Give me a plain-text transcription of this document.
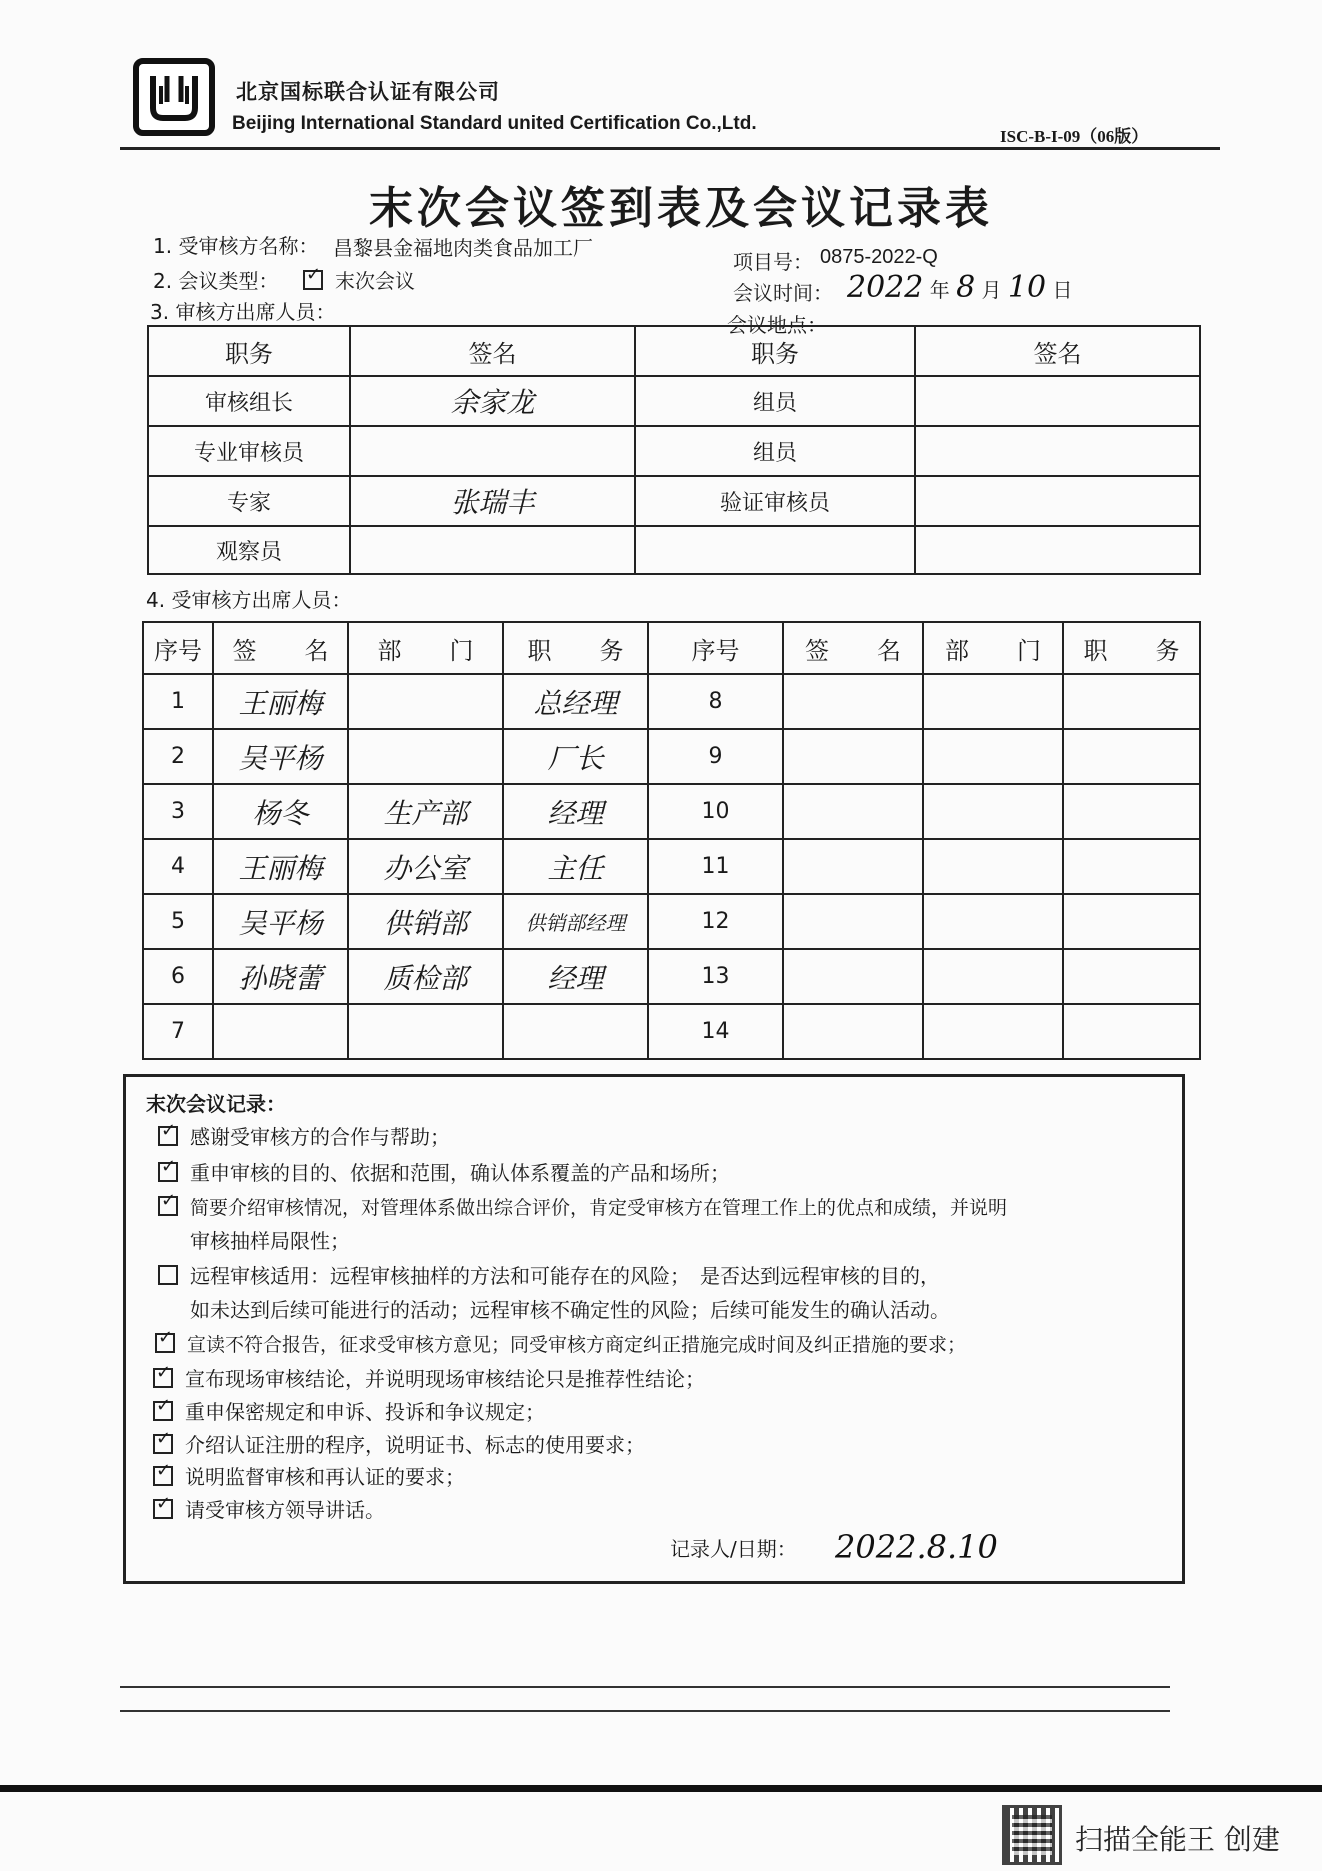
北京国标联合认证有限公司
Beijing International Standard united Certification Co.,Ltd.
ISC-B-I-09（06版）
末次会议签到表及会议记录表
1. 受审核方名称： 昌黎县金福地肉类食品加工厂
项目号： 0875-2022-Q
2. 会议类型： ✓	末次会议	会议时间： 2022 年 8 月 10 日
3. 审核方出席人员：
会议地点：
职务	签名	职务	签名
审核组长	余家龙	组员	
专业审核员		组员	
专家	张瑞丰	验证审核员	
观察员			
4. 受审核方出席人员：
序号	签　　名	部　　门	职　　务	序号	签　　名	部　　门	职　　务
1	王丽梅		总经理	8			
2	吴平杨		厂长	9			
3	杨冬	生产部	经理	10			
4	王丽梅	办公室	主任	11			
5	吴平杨	供销部	供销部经理	12			
6	孙晓蕾	质检部	经理	13			
7				14			
末次会议记录：
✓感谢受审核方的合作与帮助；
✓重申审核的目的、依据和范围，确认体系覆盖的产品和场所；
✓简要介绍审核情况，对管理体系做出综合评价，肯定受审核方在管理工作上的优点和成绩，并说明
审核抽样局限性；
远程审核适用：远程审核抽样的方法和可能存在的风险；　是否达到远程审核的目的，
如未达到后续可能进行的活动；远程审核不确定性的风险；后续可能发生的确认活动。
✓宣读不符合报告，征求受审核方意见；同受审核方商定纠正措施完成时间及纠正措施的要求；
✓宣布现场审核结论，并说明现场审核结论只是推荐性结论；
✓重申保密规定和申诉、投诉和争议规定；
✓介绍认证注册的程序，说明证书、标志的使用要求；
✓说明监督审核和再认证的要求；
✓请受审核方领导讲话。
记录人/日期： 2022.8.10
扫描全能王 创建
